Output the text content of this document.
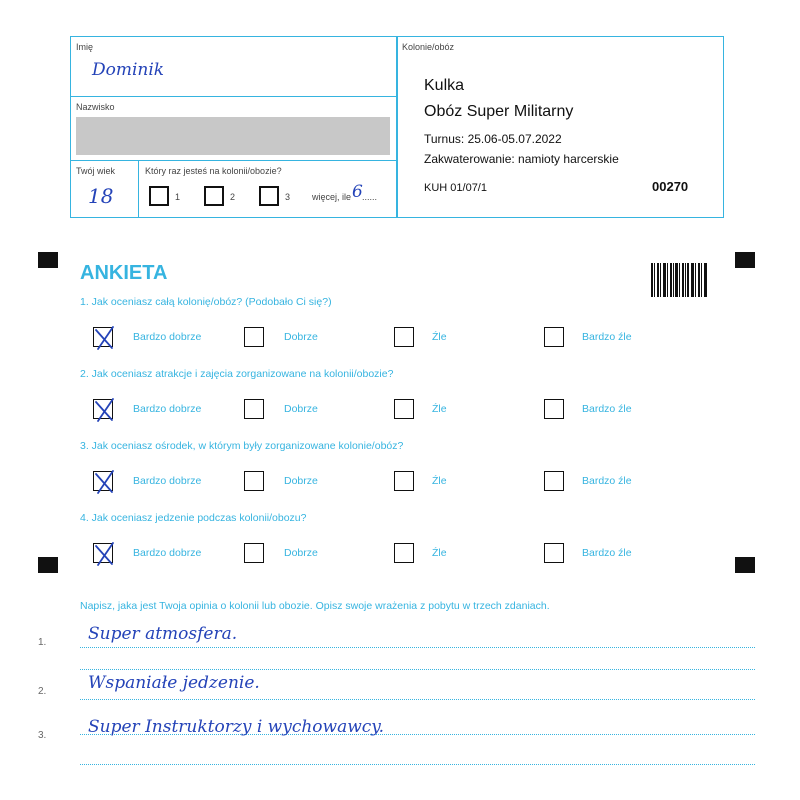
Imię
Dominik
Nazwisko
Twój wiek
18
Który raz jesteś na kolonii/obozie?
1	2	3 więcej, ile 6 ......
Kolonie/obóz
Kulka
Obóz Super Militarny
Turnus: 25.06-05.07.2022
Zakwaterowanie: namioty harcerskie
KUH 01/07/1	00270
ANKIETA
1. Jak oceniasz całą kolonię/obóz? (Podobało Ci się?)
Bardzo dobrze	Dobrze	Źle	Bardzo źle
2. Jak oceniasz atrakcje i zajęcia zorganizowane na kolonii/obozie?
Bardzo dobrze	Dobrze	Źle	Bardzo źle
3. Jak oceniasz ośrodek, w którym były zorganizowane kolonie/obóz?
Bardzo dobrze	Dobrze	Źle	Bardzo źle
4. Jak oceniasz jedzenie podczas kolonii/obozu?
Bardzo dobrze	Dobrze	Źle	Bardzo źle
Napisz, jaka jest Twoja opinia o kolonii lub obozie. Opisz swoje wrażenia z pobytu w trzech zdaniach.
1. Super atmosfera.
2. Wspaniałe jedzenie.
3. Super Instruktorzy i wychowawcy.
